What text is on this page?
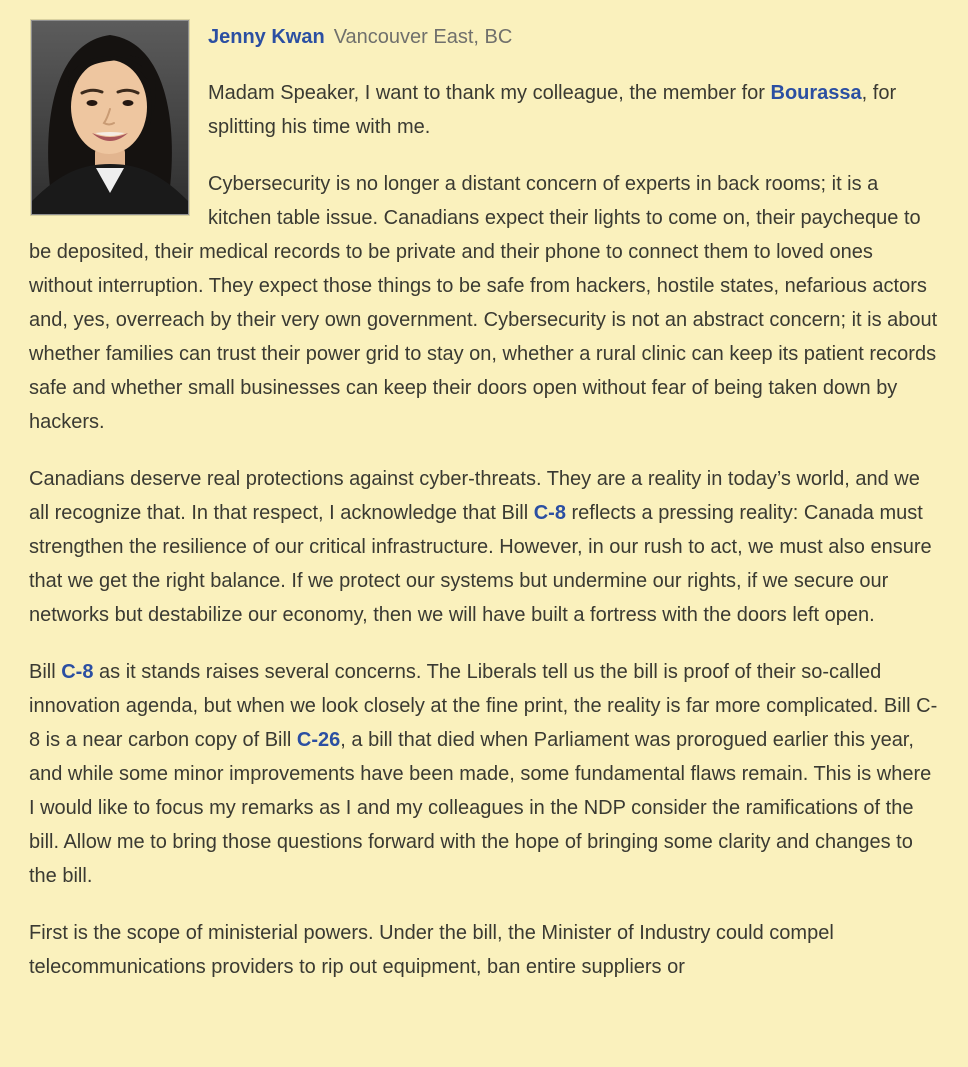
Jenny Kwan Vancouver East, BC

Madam Speaker, I want to thank my colleague, the member for Bourassa, for splitting his time with me.

Cybersecurity is no longer a distant concern of experts in back rooms; it is a kitchen table issue. Canadians expect their lights to come on, their paycheque to be deposited, their medical records to be private and their phone to connect them to loved ones without interruption. They expect those things to be safe from hackers, hostile states, nefarious actors and, yes, overreach by their very own government. Cybersecurity is not an abstract concern; it is about whether families can trust their power grid to stay on, whether a rural clinic can keep its patient records safe and whether small businesses can keep their doors open without fear of being taken down by hackers.

Canadians deserve real protections against cyber-threats. They are a reality in today’s world, and we all recognize that. In that respect, I acknowledge that Bill C-8 reflects a pressing reality: Canada must strengthen the resilience of our critical infrastructure. However, in our rush to act, we must also ensure that we get the right balance. If we protect our systems but undermine our rights, if we secure our networks but destabilize our economy, then we will have built a fortress with the doors left open.

Bill C-8 as it stands raises several concerns. The Liberals tell us the bill is proof of their so-called innovation agenda, but when we look closely at the fine print, the reality is far more complicated. Bill C-8 is a near carbon copy of Bill C-26, a bill that died when Parliament was prorogued earlier this year, and while some minor improvements have been made, some fundamental flaws remain. This is where I would like to focus my remarks as I and my colleagues in the NDP consider the ramifications of the bill. Allow me to bring those questions forward with the hope of bringing some clarity and changes to the bill.

First is the scope of ministerial powers. Under the bill, the Minister of Industry could compel telecommunications providers to rip out equipment, ban entire suppliers or
